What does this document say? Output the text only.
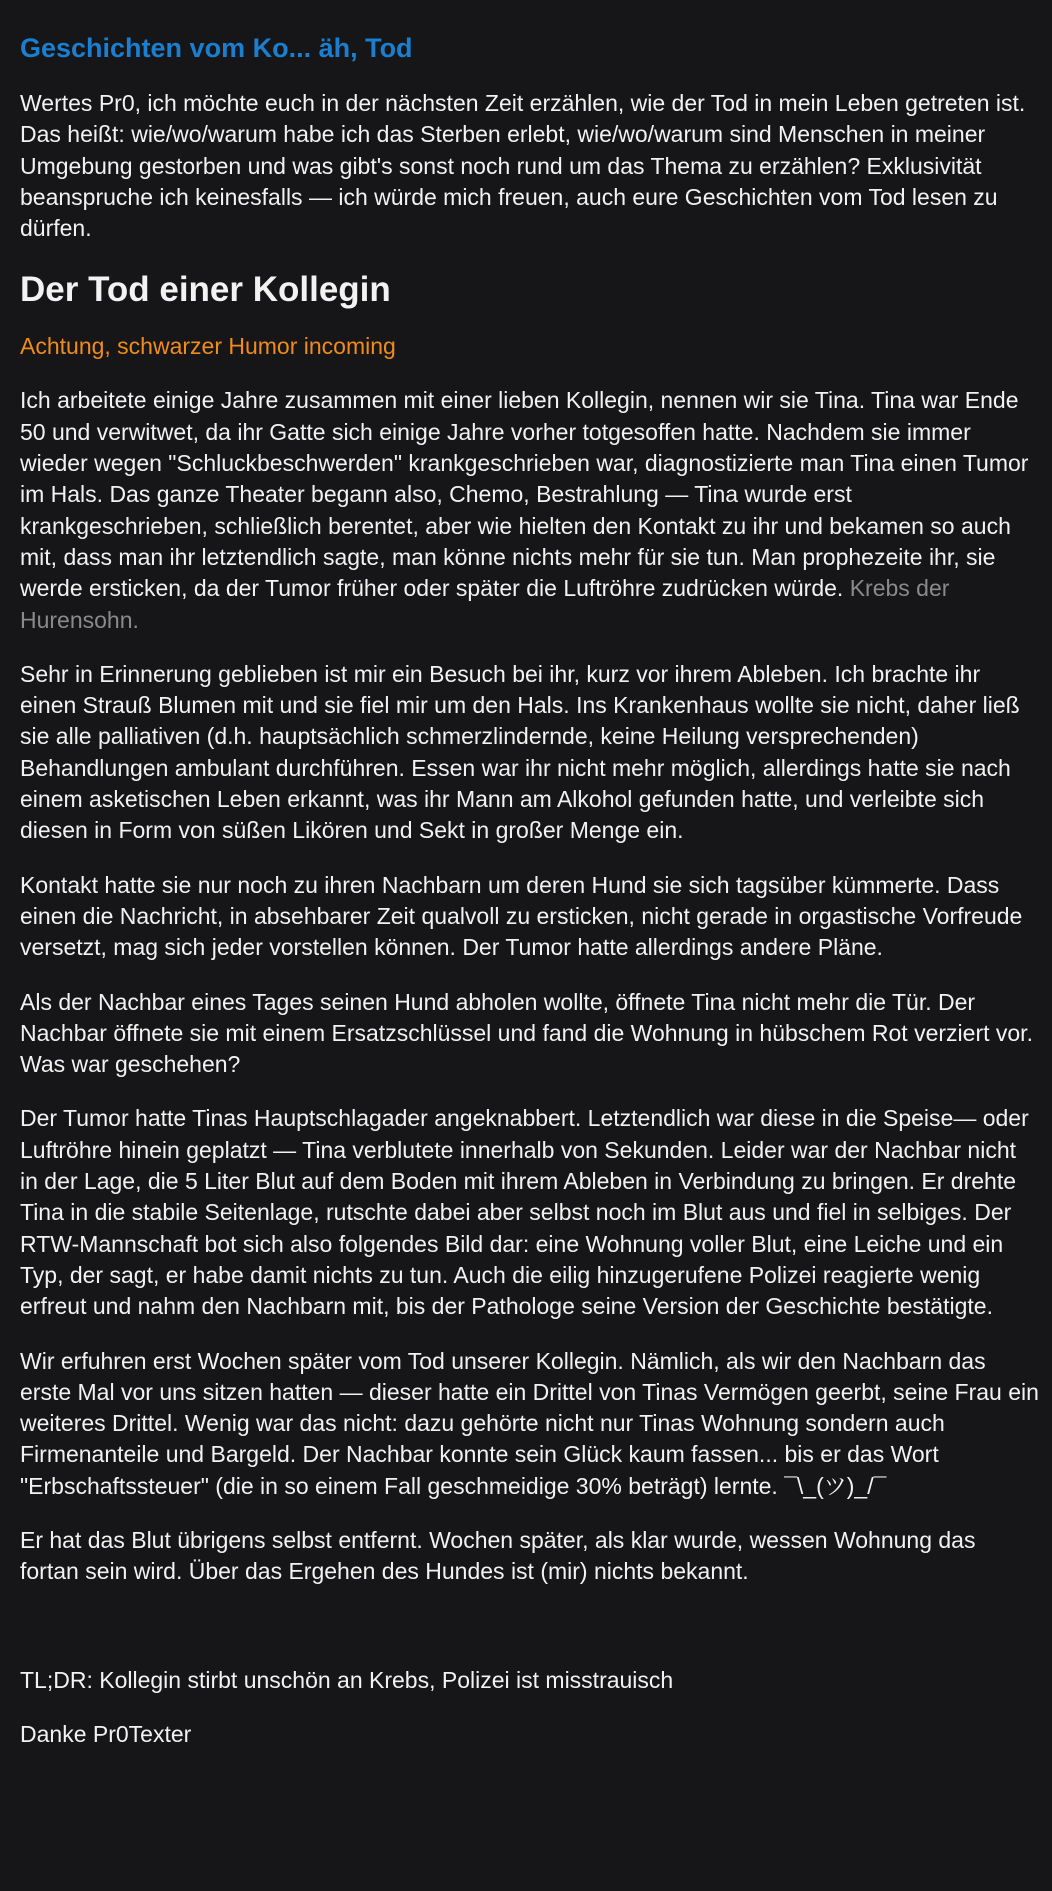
Geschichten vom Ko... äh, Tod

Wertes Pr0, ich möchte euch in der nächsten Zeit erzählen, wie der Tod in mein Leben getreten ist. Das heißt: wie/wo/warum habe ich das Sterben erlebt, wie/wo/warum sind Menschen in meiner Umgebung gestorben und was gibt's sonst noch rund um das Thema zu erzählen? Exklusivität beanspruche ich keinesfalls — ich würde mich freuen, auch eure Geschichten vom Tod lesen zu dürfen.

Der Tod einer Kollegin
Achtung, schwarzer Humor incoming

Ich arbeitete einige Jahre zusammen mit einer lieben Kollegin, nennen wir sie Tina. Tina war Ende 50 und verwitwet, da ihr Gatte sich einige Jahre vorher totgesoffen hatte. Nachdem sie immer wieder wegen "Schluckbeschwerden" krankgeschrieben war, diagnostizierte man Tina einen Tumor im Hals. Das ganze Theater begann also, Chemo, Bestrahlung — Tina wurde erst krankgeschrieben, schließlich berentet, aber wie hielten den Kontakt zu ihr und bekamen so auch mit, dass man ihr letztendlich sagte, man könne nichts mehr für sie tun. Man prophezeite ihr, sie werde ersticken, da der Tumor früher oder später die Luftröhre zudrücken würde. Krebs der Hurensohn.

Sehr in Erinnerung geblieben ist mir ein Besuch bei ihr, kurz vor ihrem Ableben. Ich brachte ihr einen Strauß Blumen mit und sie fiel mir um den Hals. Ins Krankenhaus wollte sie nicht, daher ließ sie alle palliativen (d.h. hauptsächlich schmerzlindernde, keine Heilung versprechenden) Behandlungen ambulant durchführen. Essen war ihr nicht mehr möglich, allerdings hatte sie nach einem asketischen Leben erkannt, was ihr Mann am Alkohol gefunden hatte, und verleibte sich diesen in Form von süßen Likören und Sekt in großer Menge ein.

Kontakt hatte sie nur noch zu ihren Nachbarn um deren Hund sie sich tagsüber kümmerte. Dass einen die Nachricht, in absehbarer Zeit qualvoll zu ersticken, nicht gerade in orgastische Vorfreude versetzt, mag sich jeder vorstellen können. Der Tumor hatte allerdings andere Pläne.

Als der Nachbar eines Tages seinen Hund abholen wollte, öffnete Tina nicht mehr die Tür. Der Nachbar öffnete sie mit einem Ersatzschlüssel und fand die Wohnung in hübschem Rot verziert vor. Was war geschehen?

Der Tumor hatte Tinas Hauptschlagader angeknabbert. Letztendlich war diese in die Speise— oder Luftröhre hinein geplatzt — Tina verblutete innerhalb von Sekunden. Leider war der Nachbar nicht in der Lage, die 5 Liter Blut auf dem Boden mit ihrem Ableben in Verbindung zu bringen. Er drehte Tina in die stabile Seitenlage, rutschte dabei aber selbst noch im Blut aus und fiel in selbiges. Der RTW-Mannschaft bot sich also folgendes Bild dar: eine Wohnung voller Blut, eine Leiche und ein Typ, der sagt, er habe damit nichts zu tun. Auch die eilig hinzugerufene Polizei reagierte wenig erfreut und nahm den Nachbarn mit, bis der Pathologe seine Version der Geschichte bestätigte.

Wir erfuhren erst Wochen später vom Tod unserer Kollegin. Nämlich, als wir den Nachbarn das erste Mal vor uns sitzen hatten — dieser hatte ein Drittel von Tinas Vermögen geerbt, seine Frau ein weiteres Drittel. Wenig war das nicht: dazu gehörte nicht nur Tinas Wohnung sondern auch Firmenanteile und Bargeld. Der Nachbar konnte sein Glück kaum fassen... bis er das Wort "Erbschaftssteuer" (die in so einem Fall geschmeidige 30% beträgt) lernte. ¯\_(ツ)_/¯

Er hat das Blut übrigens selbst entfernt. Wochen später, als klar wurde, wessen Wohnung das fortan sein wird. Über das Ergehen des Hundes ist (mir) nichts bekannt.

TL;DR: Kollegin stirbt unschön an Krebs, Polizei ist misstrauisch

Danke Pr0Texter
